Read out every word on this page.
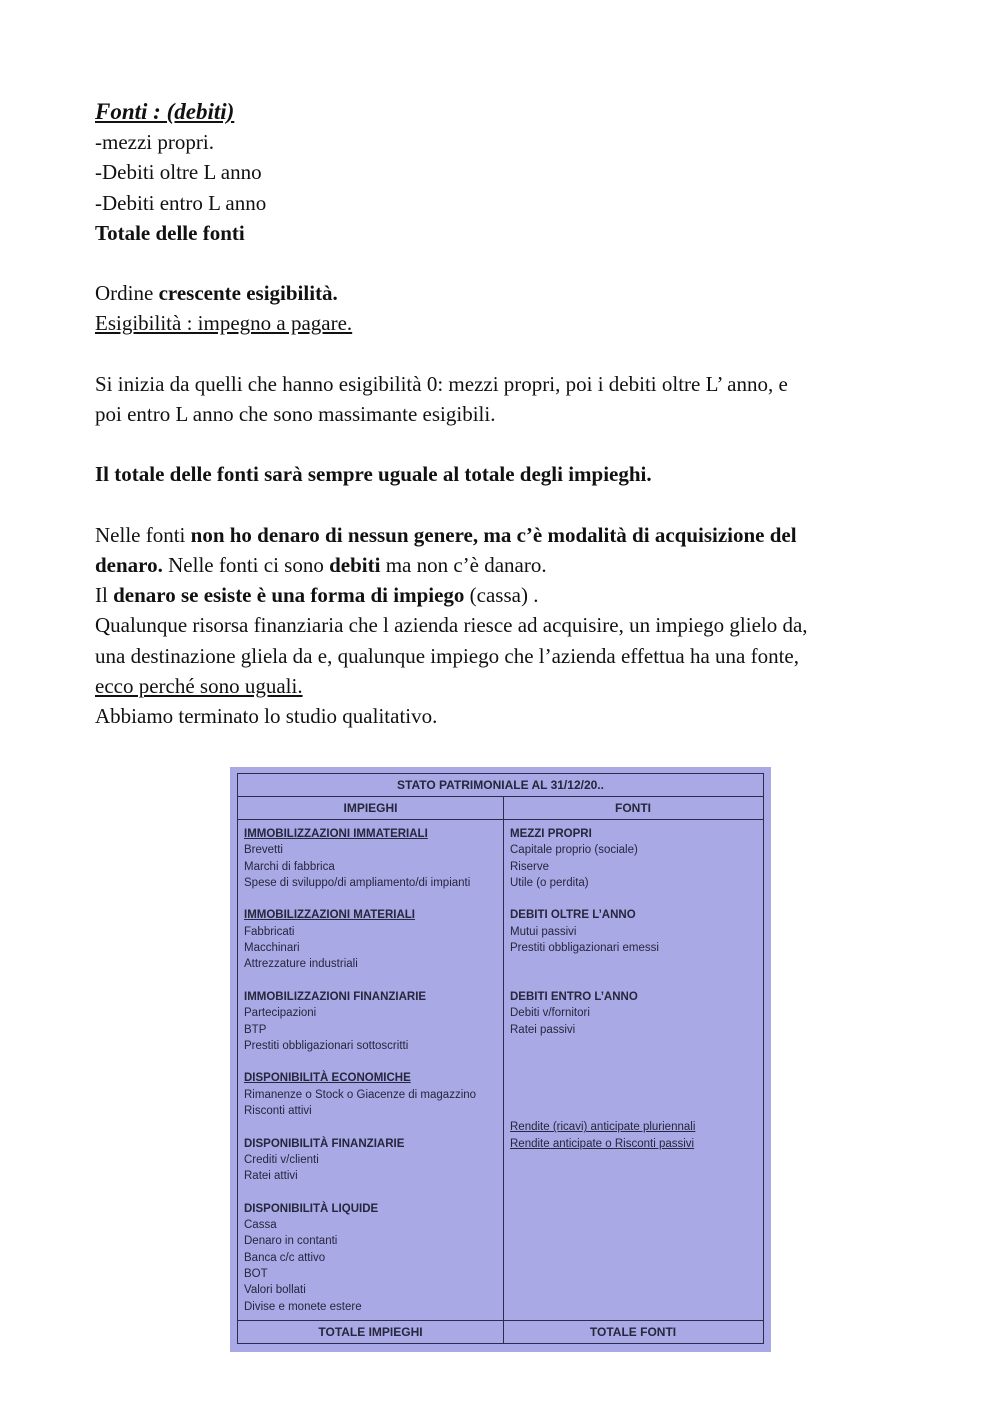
Fonti : (debiti)
-mezzi propri.
-Debiti oltre L anno
-Debiti entro L anno
Totale delle fonti
Ordine crescente esigibilità.
Esigibilità : impegno a pagare.
Si inizia da quelli che hanno esigibilità 0: mezzi propri, poi i debiti oltre L’ anno, e
poi entro L anno che sono massimante esigibili.
Il totale delle fonti sarà sempre uguale al totale degli impieghi.
Nelle fonti non ho denaro di nessun genere, ma c’è modalità di acquisizione del
denaro. Nelle fonti ci sono debiti ma non c’è danaro.
Il denaro se esiste è una forma di impiego (cassa) .
Qualunque risorsa finanziaria che l azienda riesce ad acquisire, un impiego glielo da,
una destinazione gliela da e, qualunque impiego che l’azienda effettua ha una fonte,
ecco perché sono uguali.
Abbiamo terminato lo studio qualitativo.
STATO PATRIMONIALE AL 31/12/20..
IMPIEGHI	FONTI
IMMOBILIZZAZIONI IMMATERIALI
Brevetti
Marchi di fabbrica
Spese di sviluppo/di ampliamento/di impianti
IMMOBILIZZAZIONI MATERIALI
Fabbricati
Macchinari
Attrezzature industriali
IMMOBILIZZAZIONI FINANZIARIE
Partecipazioni
BTP
Prestiti obbligazionari sottoscritti
DISPONIBILITÀ ECONOMICHE
Rimanenze o Stock o Giacenze di magazzino
Risconti attivi
DISPONIBILITÀ FINANZIARIE
Crediti v/clienti
Ratei attivi
DISPONIBILITÀ LIQUIDE
Cassa
Denaro in contanti
Banca c/c attivo
BOT
Valori bollati
Divise e monete estere
MEZZI PROPRI
Capitale proprio (sociale)
Riserve
Utile (o perdita)
DEBITI OLTRE L’ANNO
Mutui passivi
Prestiti obbligazionari emessi
DEBITI ENTRO L’ANNO
Debiti v/fornitori
Ratei passivi
Rendite (ricavi) anticipate pluriennali
Rendite anticipate o Risconti passivi
TOTALE IMPIEGHI	TOTALE FONTI
